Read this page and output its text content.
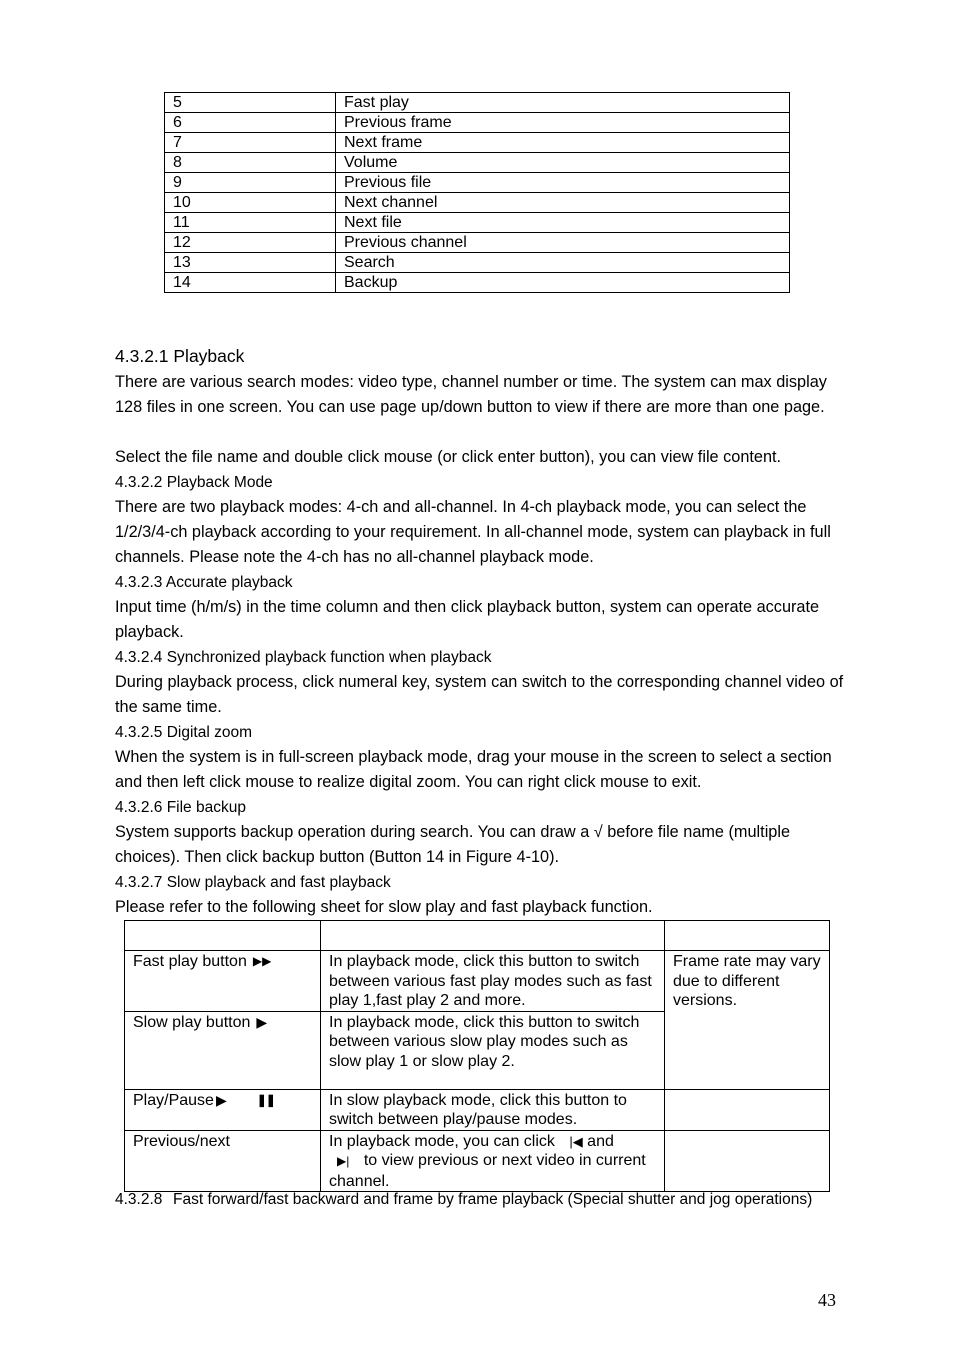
5	Fast play
6	Previous frame
7	Next frame
8	Volume
9	Previous file
10	Next channel
11	Next file
12	Previous channel
13	Search
14	Backup
4.3.2.1 Playback
There are various search modes: video type, channel number or time. The system can max display 128 files in one screen. You can use page up/down button to view if there are more than one page.
Select the file name and double click mouse (or click enter button), you can view file content.
4.3.2.2 Playback Mode
There are two playback modes: 4-ch and all-channel. In 4-ch playback mode, you can select the 1/2/3/4-ch playback according to your requirement. In all-channel mode, system can playback in full channels. Please note the 4-ch has no all-channel playback mode.
4.3.2.3 Accurate playback
Input time (h/m/s) in the time column and then click playback button, system can operate accurate playback.
4.3.2.4 Synchronized playback function when playback
During playback process, click numeral key, system can switch to the corresponding channel video of the same time.
4.3.2.5 Digital zoom
When the system is in full-screen playback mode, drag your mouse in the screen to select a section and then left click mouse to realize digital zoom. You can right click mouse to exit.
4.3.2.6 File backup
System supports backup operation during search. You can draw a √ before file name (multiple choices). Then click backup button (Button 14 in Figure 4-10).
4.3.2.7 Slow playback and fast playback
Please refer to the following sheet for slow play and fast playback function.

Fast play button ▶▶	In playback mode, click this button to switch between various fast play modes such as fast play 1,fast play 2 and more.	Frame rate may vary due to different versions.
Slow play button ▶	In playback mode, click this button to switch between various slow play modes such as slow play 1 or slow play 2.	
Play/Pause ▶ ❚❚	In slow playback mode, click this button to switch between play/pause modes.	
Previous/next	In playback mode, you can click |◀ and
▶| to view previous or next video in current channel.	
4.3.2.8 Fast forward/fast backward and frame by frame playback (Special shutter and jog operations)
43
